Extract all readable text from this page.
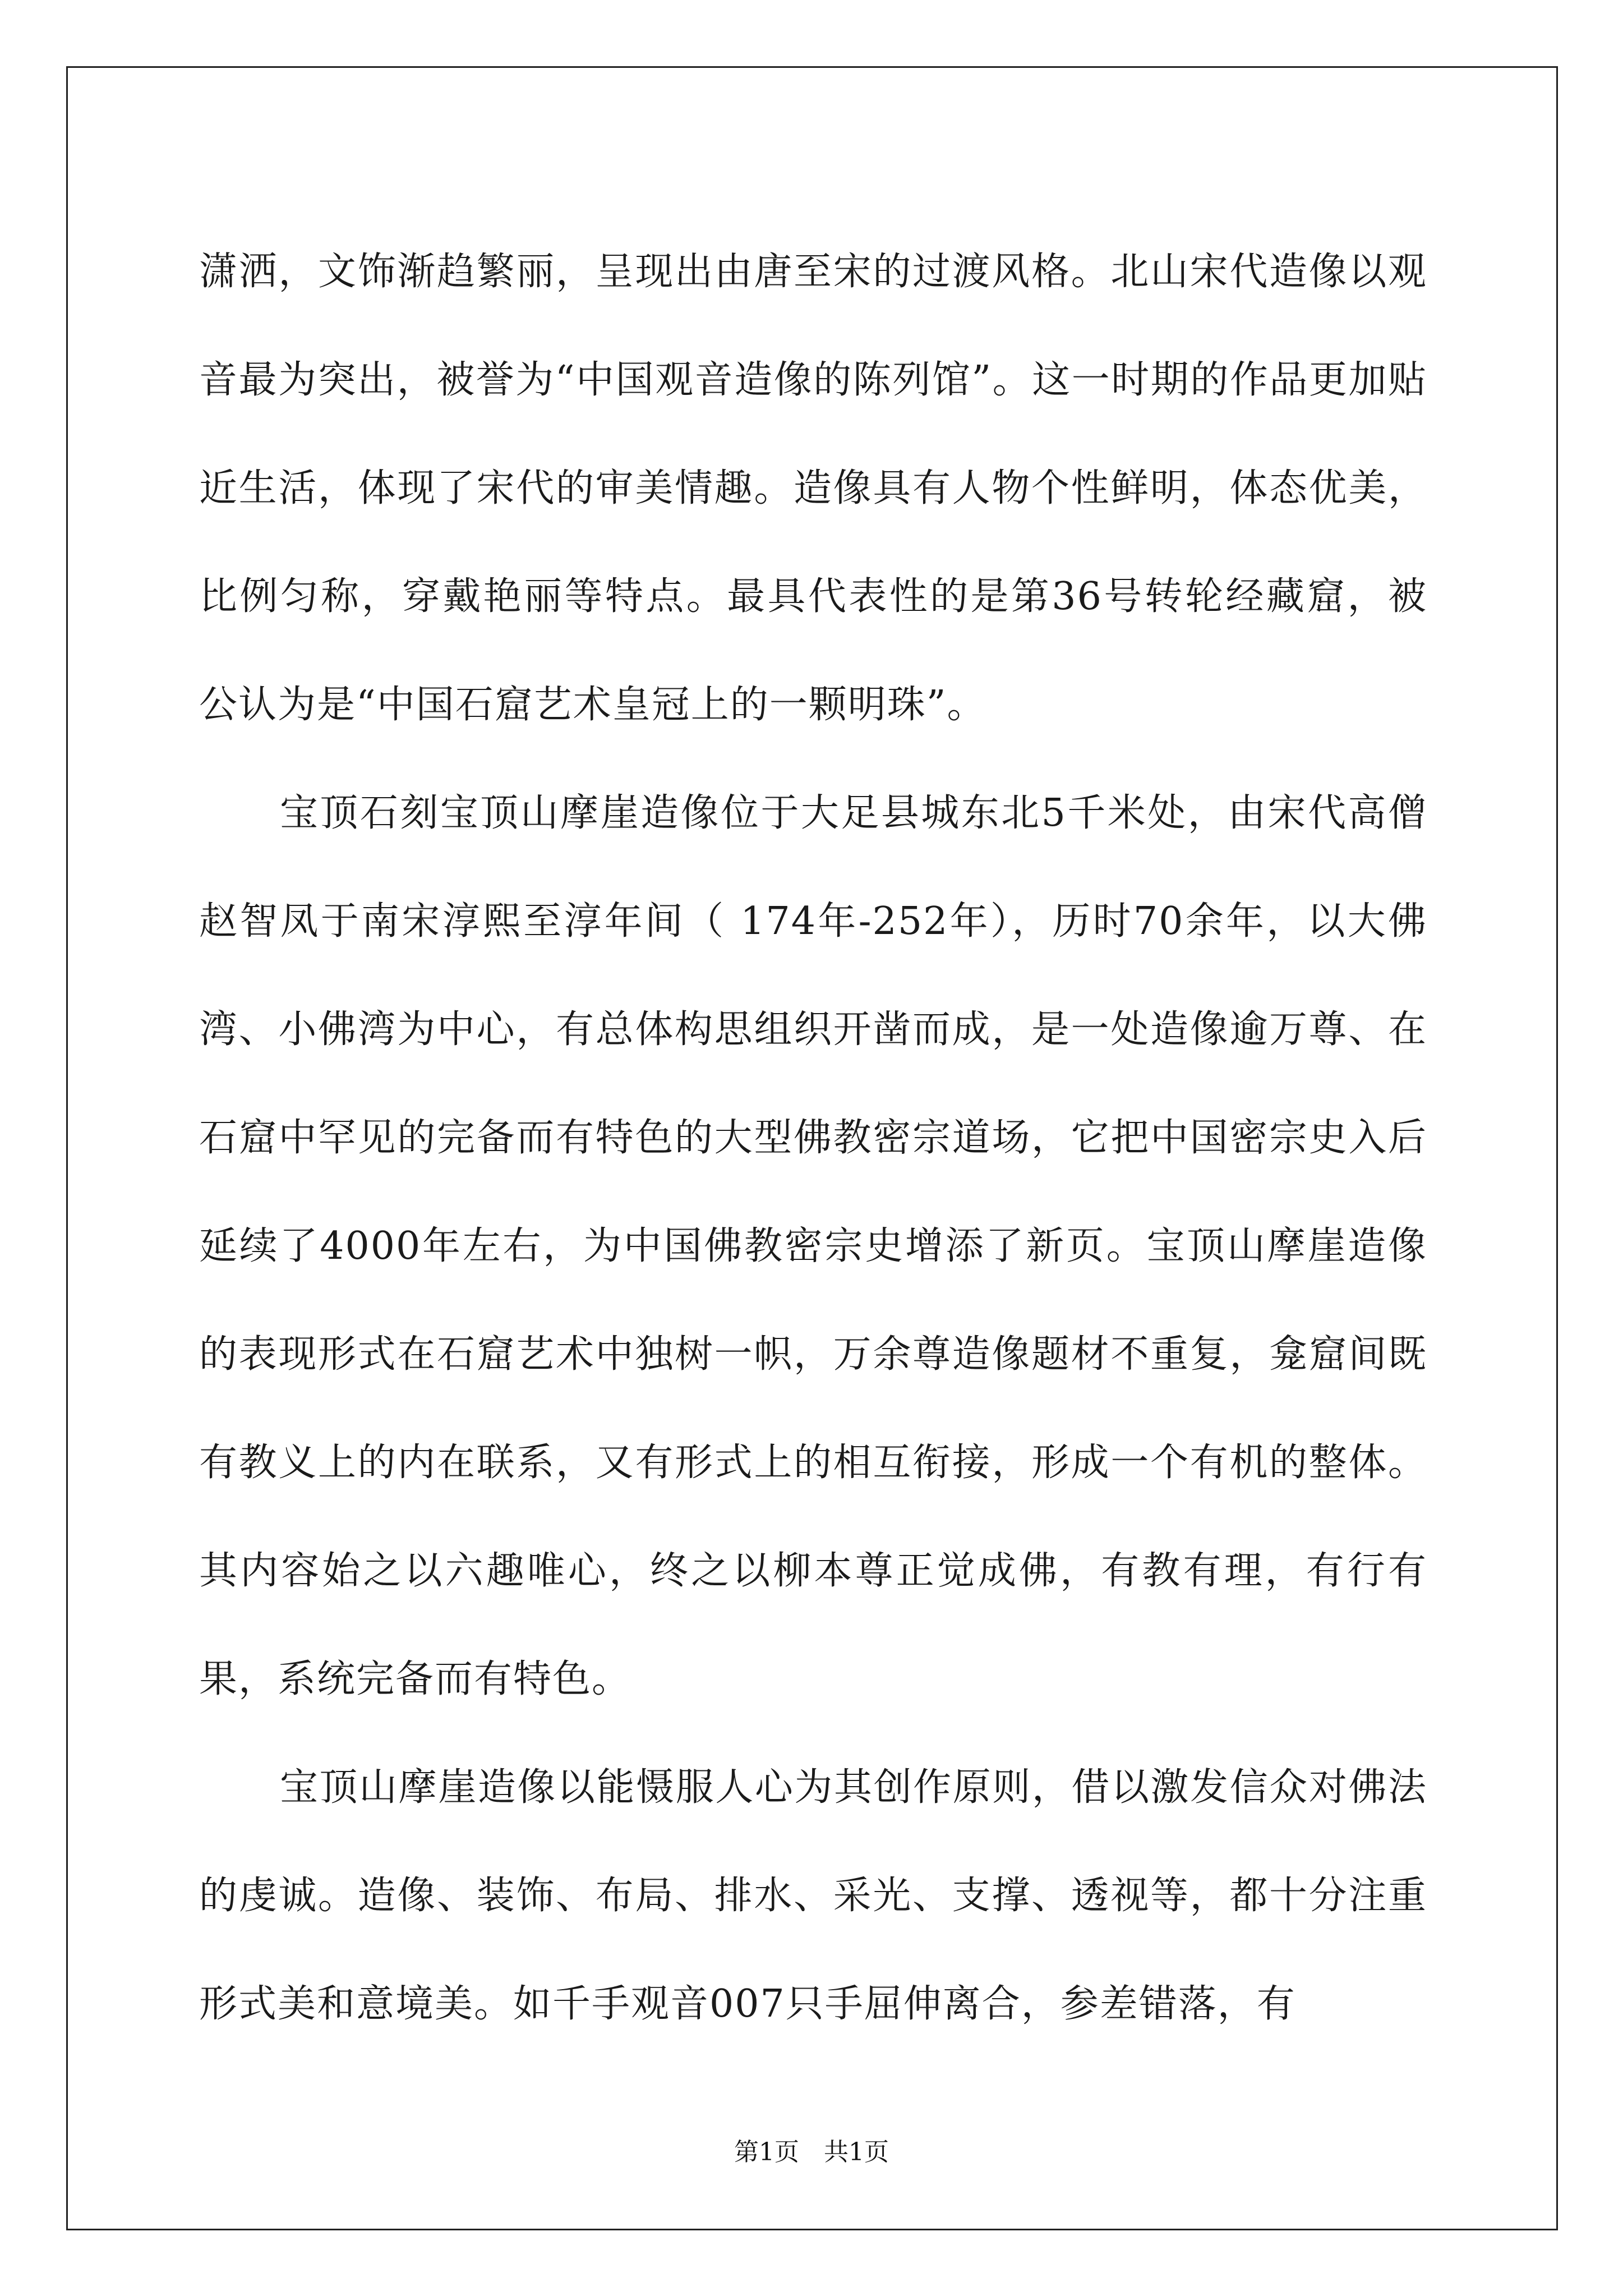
潇洒，文饰渐趋繁丽，呈现出由唐至宋的过渡风格。北山宋代造像以观音最为突出，被誉为“中国观音造像的陈列馆”。这一时期的作品更加贴近生活，体现了宋代的审美情趣。造像具有人物个性鲜明，体态优美，比例匀称，穿戴艳丽等特点。最具代表性的是第36号转轮经藏窟，被公认为是“中国石窟艺术皇冠上的一颗明珠”。

宝顶石刻宝顶山摩崖造像位于大足县城东北5千米处，由宋代高僧赵智凤于南宋淳熙至淳年间（ 174年-252年），历时70余年，以大佛湾、小佛湾为中心，有总体构思组织开凿而成，是一处造像逾万尊、在石窟中罕见的完备而有特色的大型佛教密宗道场，它把中国密宗史入后延续了4000年左右，为中国佛教密宗史增添了新页。宝顶山摩崖造像的表现形式在石窟艺术中独树一帜，万余尊造像题材不重复，龛窟间既有教义上的内在联系，又有形式上的相互衔接，形成一个有机的整体。其内容始之以六趣唯心，终之以柳本尊正觉成佛，有教有理，有行有果，系统完备而有特色。

宝顶山摩崖造像以能慑服人心为其创作原则，借以激发信众对佛法的虔诚。造像、装饰、布局、排水、采光、支撑、透视等，都十分注重形式美和意境美。如千手观音007只手屈伸离合，参差错落，有

第1页　共1页
